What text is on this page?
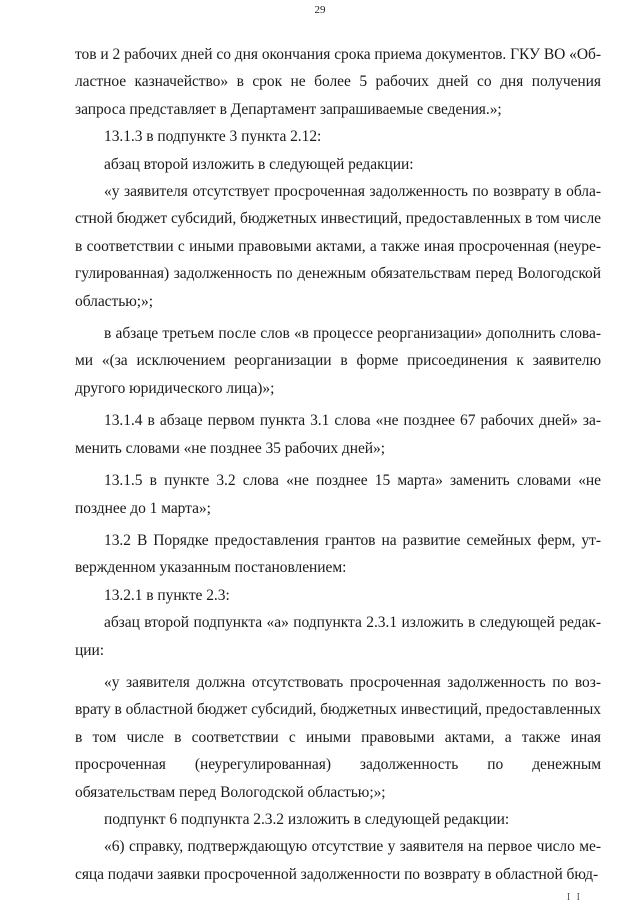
29

тов и 2 рабочих дней со дня окончания срока приема документов. ГКУ ВО «Областное казначейство» в срок не более 5 рабочих дней со дня получения запроса представляет в Департамент запрашиваемые сведения.»;

13.1.3 в подпункте 3 пункта 2.12:

абзац второй изложить в следующей редакции:

«у заявителя отсутствует просроченная задолженность по возврату в областной бюджет субсидий, бюджетных инвестиций, предоставленных в том числе в соответствии с иными правовыми актами, а также иная просроченная (неурегулированная) задолженность по денежным обязательствам перед Вологодской областью;»;

в абзаце третьем после слов «в процессе реорганизации» дополнить словами «(за исключением реорганизации в форме присоединения к заявителю другого юридического лица)»;

13.1.4 в абзаце первом пункта 3.1 слова «не позднее 67 рабочих дней» заменить словами «не позднее 35 рабочих дней»;

13.1.5 в пункте 3.2 слова «не позднее 15 марта» заменить словами «не позднее до 1 марта»;

13.2 В Порядке предоставления грантов на развитие семейных ферм, утвержденном указанным постановлением:

13.2.1 в пункте 2.3:

абзац второй подпункта «а» подпункта 2.3.1 изложить в следующей редакции:

«у заявителя должна отсутствовать просроченная задолженность по возврату в областной бюджет субсидий, бюджетных инвестиций, предоставленных в том числе в соответствии с иными правовыми актами, а также иная просроченная (неурегулированная) задолженность по денежным обязательствам перед Вологодской областью;»;

подпункт 6 подпункта 2.3.2 изложить в следующей редакции:

«6) справку, подтверждающую отсутствие у заявителя на первое число месяца подачи заявки просроченной задолженности по возврату в областной бюд-

I I
